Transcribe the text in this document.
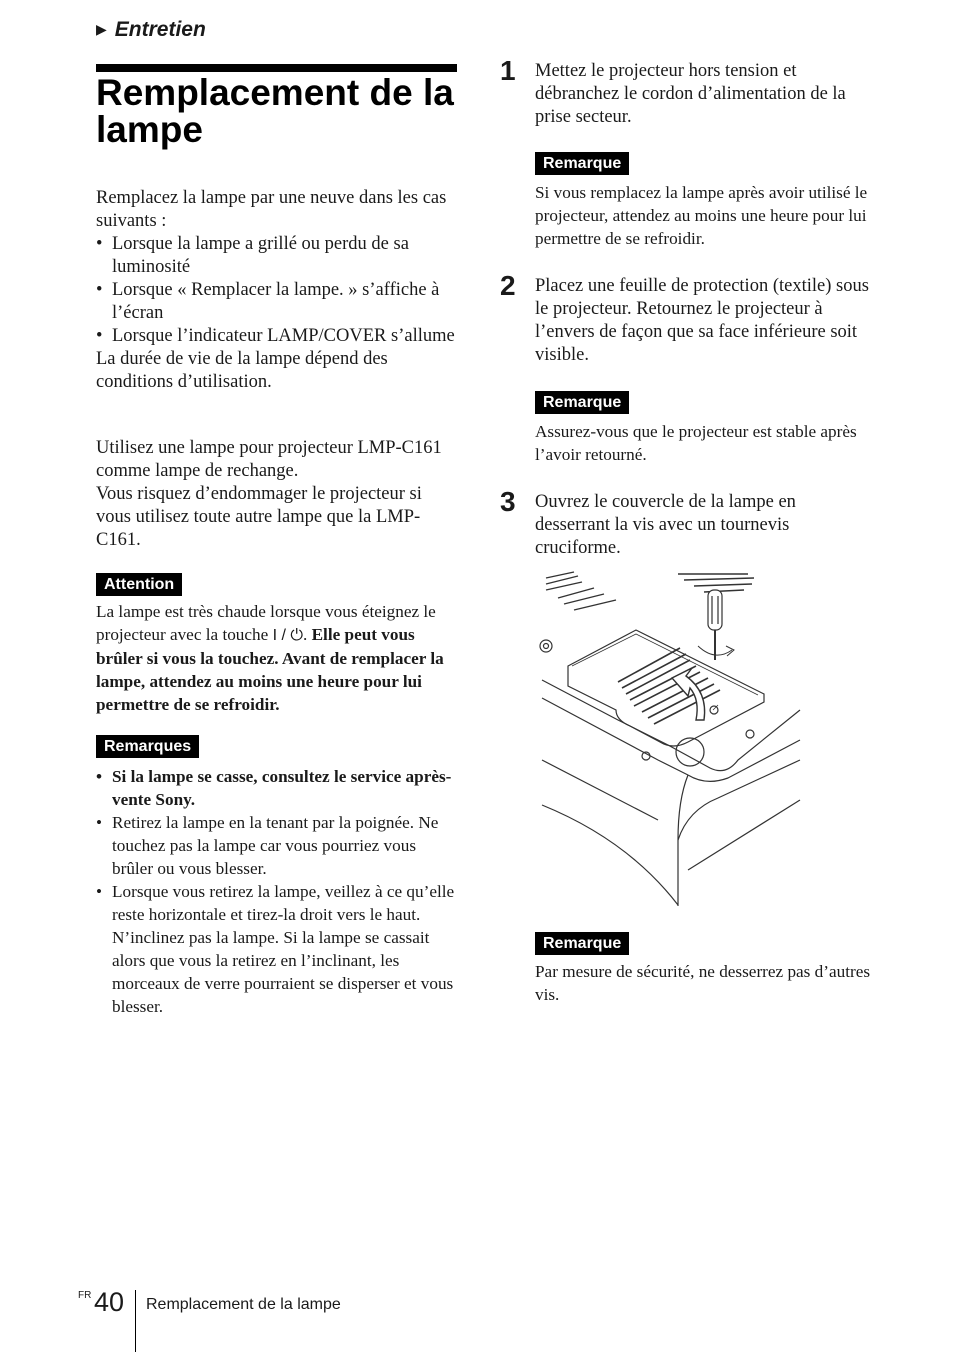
▶ Entretien
Remplacement de la lampe

Remplacez la lampe par une neuve dans les cas suivants :

• Lorsque la lampe a grillé ou perdu de sa luminosité
• Lorsque « Remplacer la lampe. » s’affiche à l’écran
• Lorsque l’indicateur LAMP/COVER s’allume

La durée de vie de la lampe dépend des conditions d’utilisation.

Utilisez une lampe pour projecteur LMP-C161 comme lampe de rechange.

Vous risquez d’endommager le projecteur si vous utilisez toute autre lampe que la LMP-C161.

Attention

La lampe est très chaude lorsque vous éteignez le projecteur avec la touche I / ⏻. Elle peut vous brûler si vous la touchez. Avant de remplacer la lampe, attendez au moins une heure pour lui permettre de se refroidir.

Remarques
• Si la lampe se casse, consultez le service après-vente Sony.
• Retirez la lampe en la tenant par la poignée. Ne touchez pas la lampe car vous pourriez vous brûler ou vous blesser.
• Lorsque vous retirez la lampe, veillez à ce qu’elle reste horizontale et tirez-la droit vers le haut. N’inclinez pas la lampe. Si la lampe se cassait alors que vous la retirez en l’inclinant, les morceaux de verre pourraient se disperser et vous blesser.
1 Mettez le projecteur hors tension et débranchez le cordon d’alimentation de la prise secteur.

Remarque

Si vous remplacez la lampe après avoir utilisé le projecteur, attendez au moins une heure pour lui permettre de se refroidir.

2 Placez une feuille de protection (textile) sous le projecteur. Retournez le projecteur à l’envers de façon que sa face inférieure soit visible.

Remarque

Assurez-vous que le projecteur est stable après l’avoir retourné.

3 Ouvrez le couvercle de la lampe en desserrant la vis avec un tournevis cruciforme.

Remarque

Par mesure de sécurité, ne desserrez pas d’autres vis.

FR 40 Remplacement de la lampe
